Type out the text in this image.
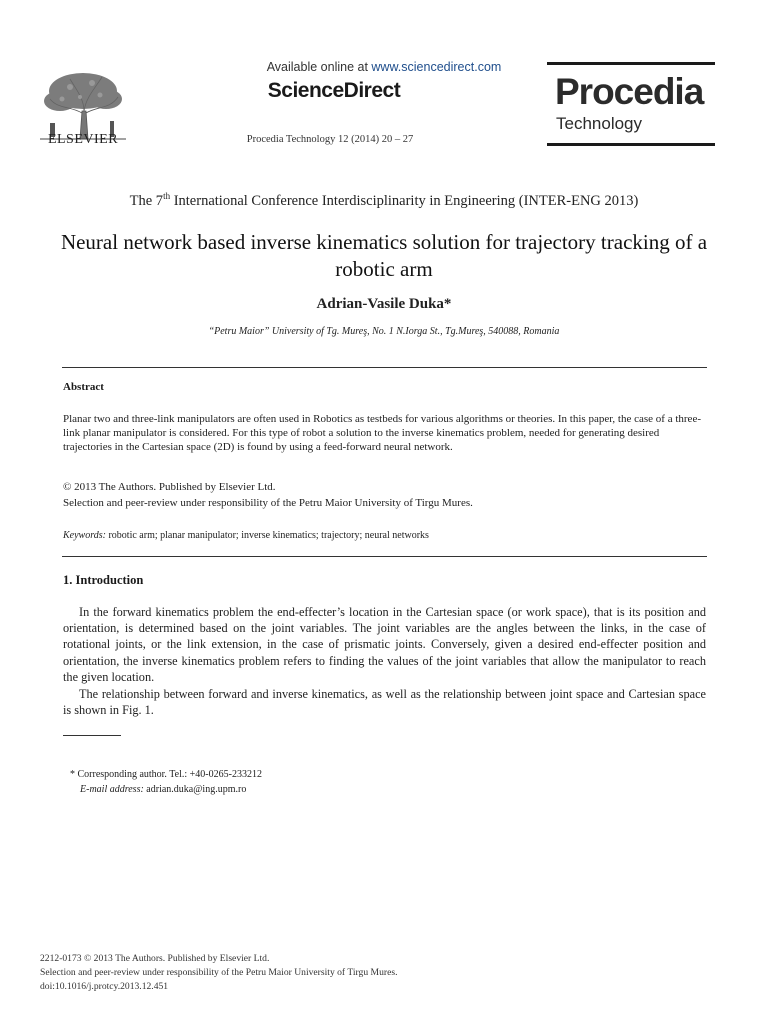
ELSEVIER
Available online at www.sciencedirect.com
ScienceDirect
Procedia Technology 12 (2014) 20 – 27
Procedia
Technology
The 7th International Conference Interdisciplinarity in Engineering (INTER-ENG 2013)
Neural network based inverse kinematics solution for trajectory tracking of a robotic arm
Adrian-Vasile Duka*
“Petru Maior” University of Tg. Mureş, No. 1 N.Iorga St., Tg.Mureş, 540088, Romania
Abstract
Planar two and three-link manipulators are often used in Robotics as testbeds for various algorithms or theories. In this paper, the case of a three-link planar manipulator is considered. For this type of robot a solution to the inverse kinematics problem, needed for generating desired trajectories in the Cartesian space (2D) is found by using a feed-forward neural network.
© 2013 The Authors. Published by Elsevier Ltd.
Selection and peer-review under responsibility of the Petru Maior University of Tirgu Mures.
Keywords: robotic arm; planar manipulator; inverse kinematics; trajectory; neural networks
1. Introduction
In the forward kinematics problem the end-effecter’s location in the Cartesian space (or work space), that is its position and orientation, is determined based on the joint variables. The joint variables are the angles between the links, in the case of rotational joints, or the link extension, in the case of prismatic joints. Conversely, given a desired end-effecter position and orientation, the inverse kinematics problem refers to finding the values of the joint variables that allow the manipulator to reach the given location.
The relationship between forward and inverse kinematics, as well as the relationship between joint space and Cartesian space is shown in Fig. 1.
* Corresponding author. Tel.: +40-0265-233212
E-mail address: adrian.duka@ing.upm.ro
2212-0173 © 2013 The Authors. Published by Elsevier Ltd.
Selection and peer-review under responsibility of the Petru Maior University of Tirgu Mures.
doi:10.1016/j.protcy.2013.12.451
